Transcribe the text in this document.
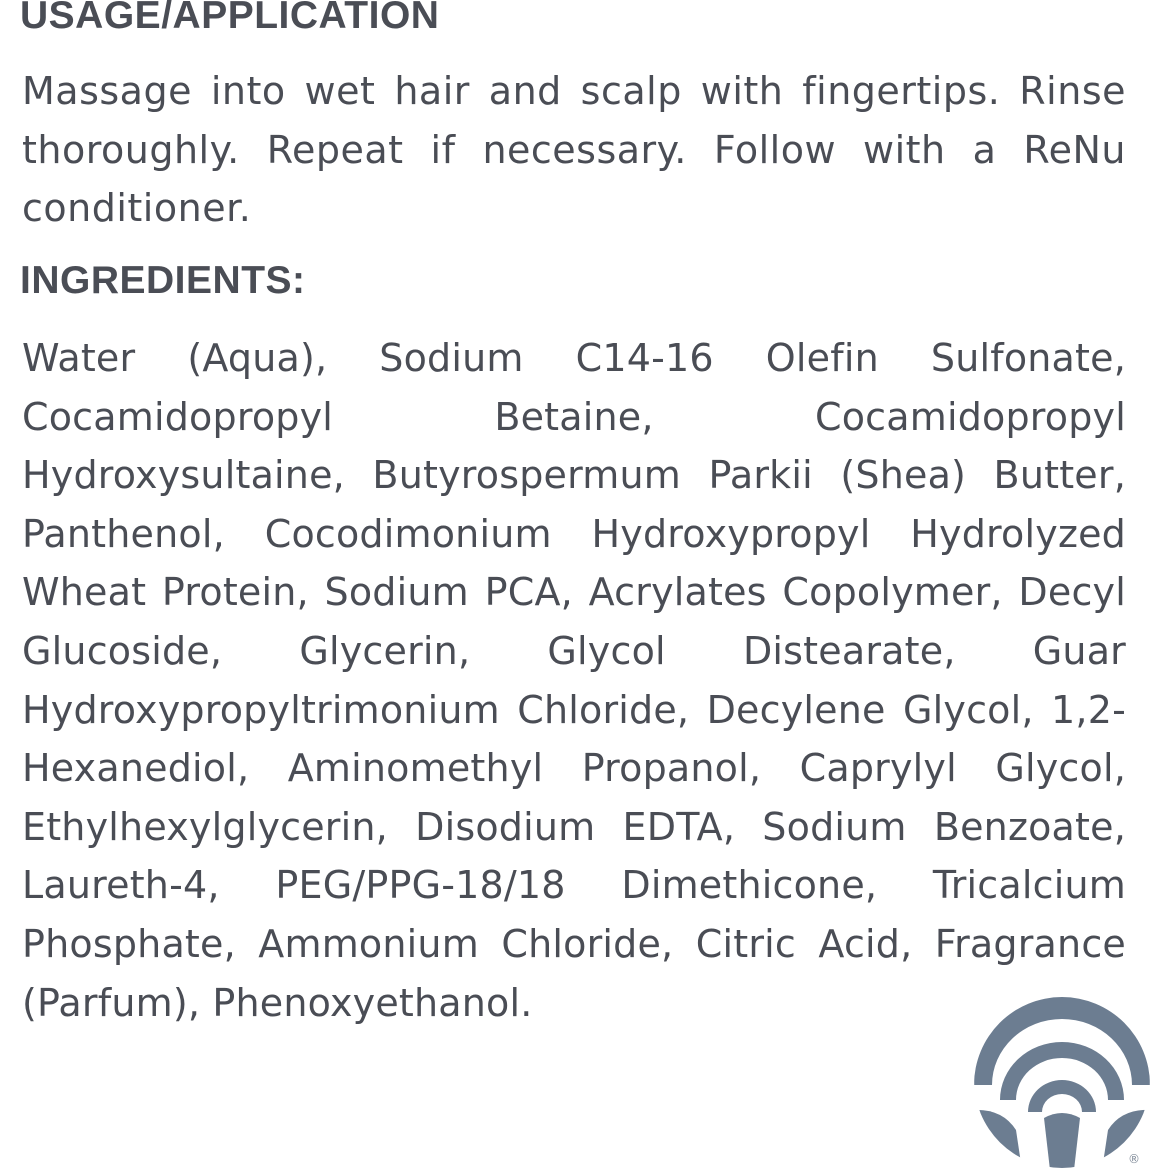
USAGE/APPLICATION

Massage into wet hair and scalp with fingertips. Rinse thoroughly. Repeat if necessary. Follow with a ReNu conditioner.

INGREDIENTS:

Water (Aqua), Sodium C14-16 Olefin Sulfonate, Cocamidopropyl Betaine, Cocamidopropyl Hydroxysultaine, Butyrospermum Parkii (Shea) Butter, Panthenol, Cocodimonium Hydroxypropyl Hydrolyzed Wheat Protein, Sodium PCA, Acrylates Copolymer, Decyl Glucoside, Glycerin, Glycol Distearate, Guar Hydroxypropyltrimonium Chloride, Decylene Glycol, 1,2-Hexanediol, Aminomethyl Propanol, Caprylyl Glycol, Ethylhexylglycerin, Disodium EDTA, Sodium Benzoate, Laureth-4, PEG/PPG-18/18 Dimethicone, Tricalcium Phosphate, Ammonium Chloride, Citric Acid, Fragrance (Parfum), Phenoxyethanol.

®
